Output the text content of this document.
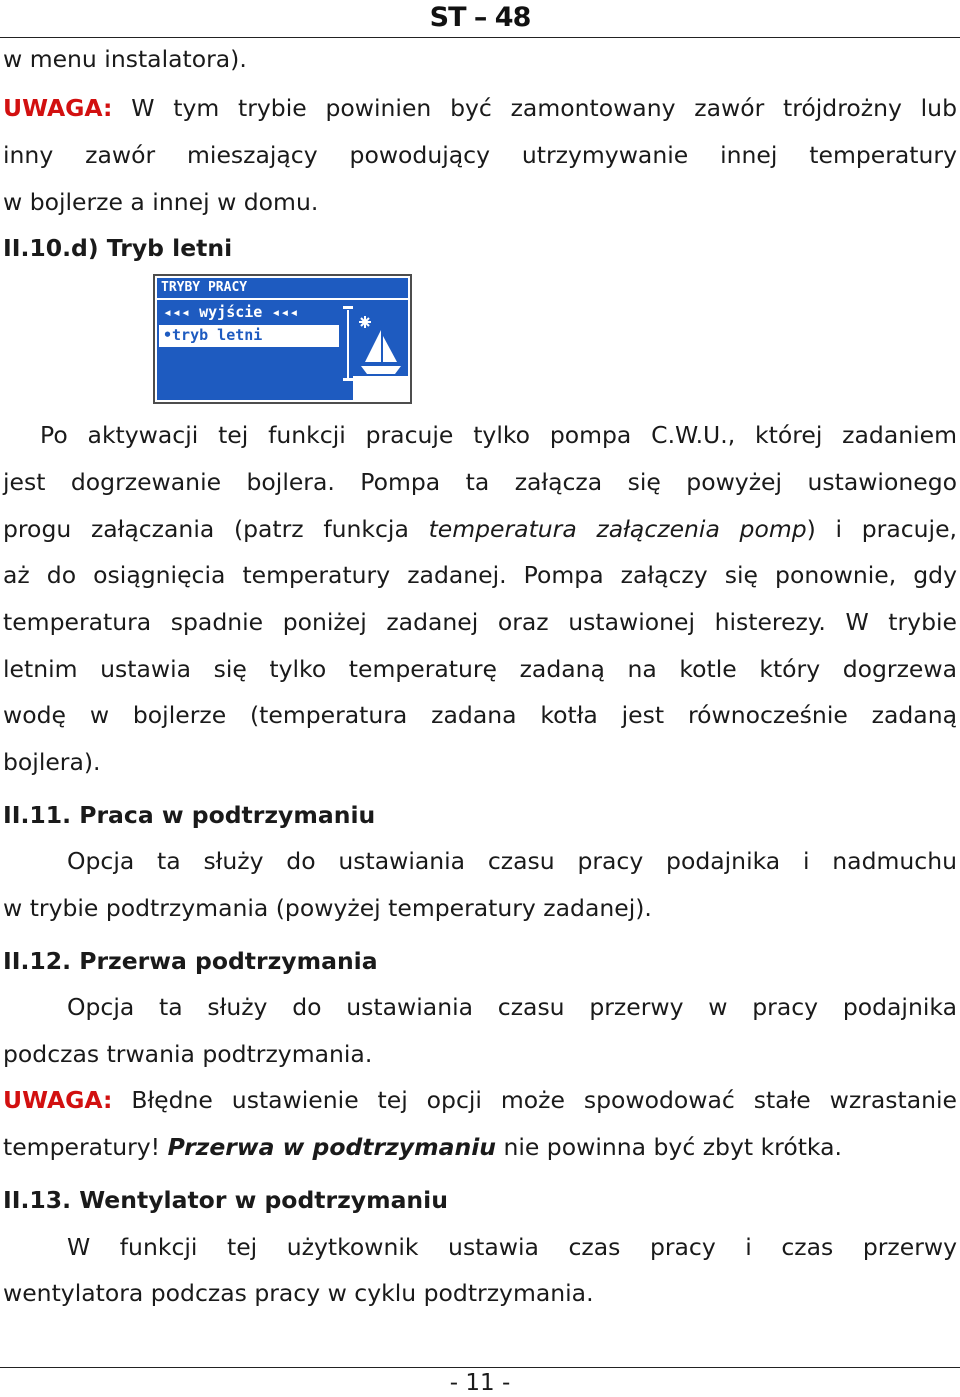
ST – 48
w menu instalatora).
UWAGA: W tym trybie powinien być zamontowany zawór trójdrożny lub
inny zawór mieszający powodujący utrzymywanie innej temperatury
w bojlerze a innej w domu.
II.10.d) Tryb letni
TRYBY PRACY
◂◂◂ wyjście ◂◂◂
•tryb letni
Po aktywacji tej funkcji pracuje tylko pompa C.W.U., której zadaniem
jest dogrzewanie bojlera. Pompa ta załącza się powyżej ustawionego
progu załączania (patrz funkcja temperatura załączenia pomp) i pracuje,
aż do osiągnięcia temperatury zadanej. Pompa załączy się ponownie, gdy
temperatura spadnie poniżej zadanej oraz ustawionej histerezy. W trybie
letnim ustawia się tylko temperaturę zadaną na kotle który dogrzewa
wodę w bojlerze (temperatura zadana kotła jest równocześnie zadaną
bojlera).
II.11. Praca w podtrzymaniu
Opcja ta służy do ustawiania czasu pracy podajnika i nadmuchu
w trybie podtrzymania (powyżej temperatury zadanej).
II.12. Przerwa podtrzymania
Opcja ta służy do ustawiania czasu przerwy w pracy podajnika
podczas trwania podtrzymania.
UWAGA: Błędne ustawienie tej opcji może spowodować stałe wzrastanie
temperatury! Przerwa w podtrzymaniu nie powinna być zbyt krótka.
II.13. Wentylator w podtrzymaniu
W funkcji tej użytkownik ustawia czas pracy i czas przerwy
wentylatora podczas pracy w cyklu podtrzymania.
- 11 -
